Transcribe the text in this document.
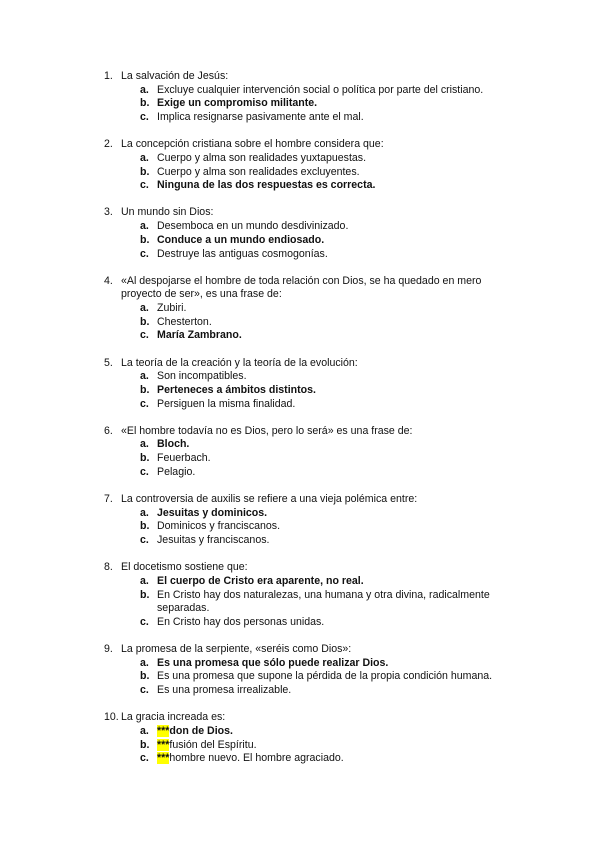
1. La salvación de Jesús:
a. Excluye cualquier intervención social o política por parte del cristiano.
b. Exige un compromiso militante.
c. Implica resignarse pasivamente ante el mal.
2. La concepción cristiana sobre el hombre considera que:
a. Cuerpo y alma son realidades yuxtapuestas.
b. Cuerpo y alma son realidades excluyentes.
c. Ninguna de las dos respuestas es correcta.
3. Un mundo sin Dios:
a. Desemboca en un mundo desdivinizado.
b. Conduce a un mundo endiosado.
c. Destruye las antiguas cosmogonías.
4. «Al despojarse el hombre de toda relación con Dios, se ha quedado en mero proyecto de ser», es una frase de:
a. Zubiri.
b. Chesterton.
c. María Zambrano.
5. La teoría de la creación y la teoría de la evolución:
a. Son incompatibles.
b. Perteneces a ámbitos distintos.
c. Persiguen la misma finalidad.
6. «El hombre todavía no es Dios, pero lo será» es una frase de:
a. Bloch.
b. Feuerbach.
c. Pelagio.
7. La controversia de auxilis se refiere a una vieja polémica entre:
a. Jesuitas y dominicos.
b. Dominicos y franciscanos.
c. Jesuitas y franciscanos.
8. El docetismo sostiene que:
a. El cuerpo de Cristo era aparente, no real.
b. En Cristo hay dos naturalezas, una humana y otra divina, radicalmente separadas.
c. En Cristo hay dos personas unidas.
9. La promesa de la serpiente, «seréis como Dios»:
a. Es una promesa que sólo puede realizar Dios.
b. Es una promesa que supone la pérdida de la propia condición humana.
c. Es una promesa irrealizable.
10. La gracia increada es:
a. ***don de Dios.
b. ***fusión del Espíritu.
c. ***hombre nuevo. El hombre agraciado.
